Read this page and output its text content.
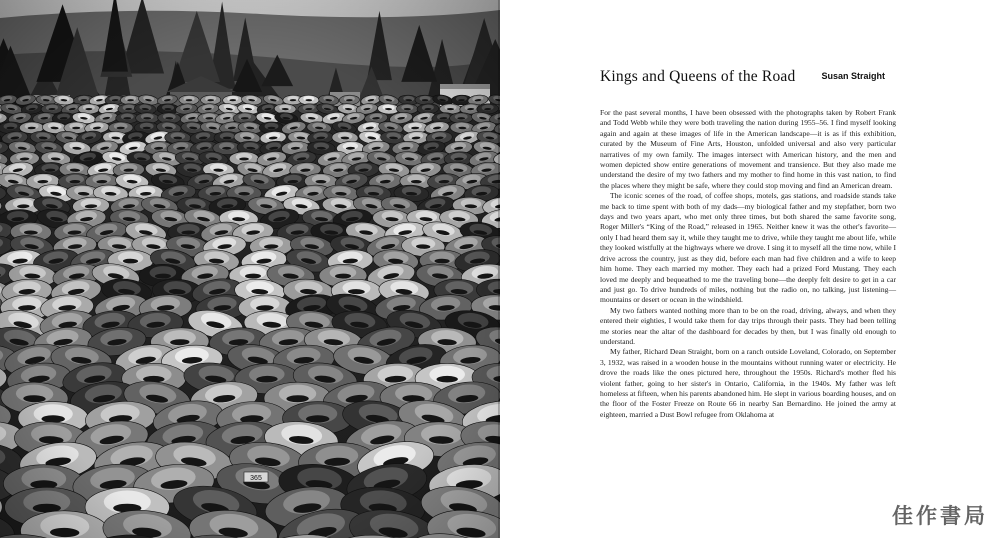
Kings and Queens of the Road	Susan Straight

For the past several months, I have been obsessed with the photographs taken by Robert Frank and Todd Webb while they were both traveling the nation during 1955–56. I find myself looking again and again at these images of life in the American landscape—it is as if this exhibition, curated by the Museum of Fine Arts, Houston, unfolded universal and also very particular narratives of my own family. The images intersect with American history, and the men and women depicted show entire generations of movement and transience. But they also made me understand the desire of my two fathers and my mother to find home in this vast nation, to find the places where they might be safe, where they could stop moving and find an American dream.

The iconic scenes of the road, of coffee shops, motels, gas stations, and roadside stands take me back to time spent with both of my dads—my biological father and my stepfather, born two days and two years apart, who met only three times, but both shared the same favorite song, Roger Miller's “King of the Road,” released in 1965. Neither knew it was the other's favorite—only I had heard them say it, while they taught me to drive, while they taught me about life, while they looked wistfully at the highways where we drove. I sing it to myself all the time now, while I drive across the country, just as they did, before each man had five children and a wife to keep him home. They each married my mother. They each had a prized Ford Mustang. They each loved me deeply and bequeathed to me the traveling bone—the deeply felt desire to get in a car and just go. To drive hundreds of miles, nothing but the radio on, no talking, just listening—mountains or desert or ocean in the windshield.

My two fathers wanted nothing more than to be on the road, driving, always, and when they entered their eighties, I would take them for day trips through their pasts. They had been telling me stories near the altar of the dashboard for decades by then, but I was finally old enough to understand.

My father, Richard Dean Straight, born on a ranch outside Loveland, Colorado, on September 3, 1932, was raised in a wooden house in the mountains without running water or electricity. He drove the roads like the ones pictured here, throughout the 1950s. Richard's mother fled his violent father, going to her sister's in Ontario, California, in the 1940s. My father was left homeless at fifteen, when his parents abandoned him. He slept in various boarding houses, and on the floor of the Foster Freeze on Route 66 in nearby San Bernardino. He joined the army at eighteen, married a Dust Bowl refugee from Oklahoma at

佳作書局
